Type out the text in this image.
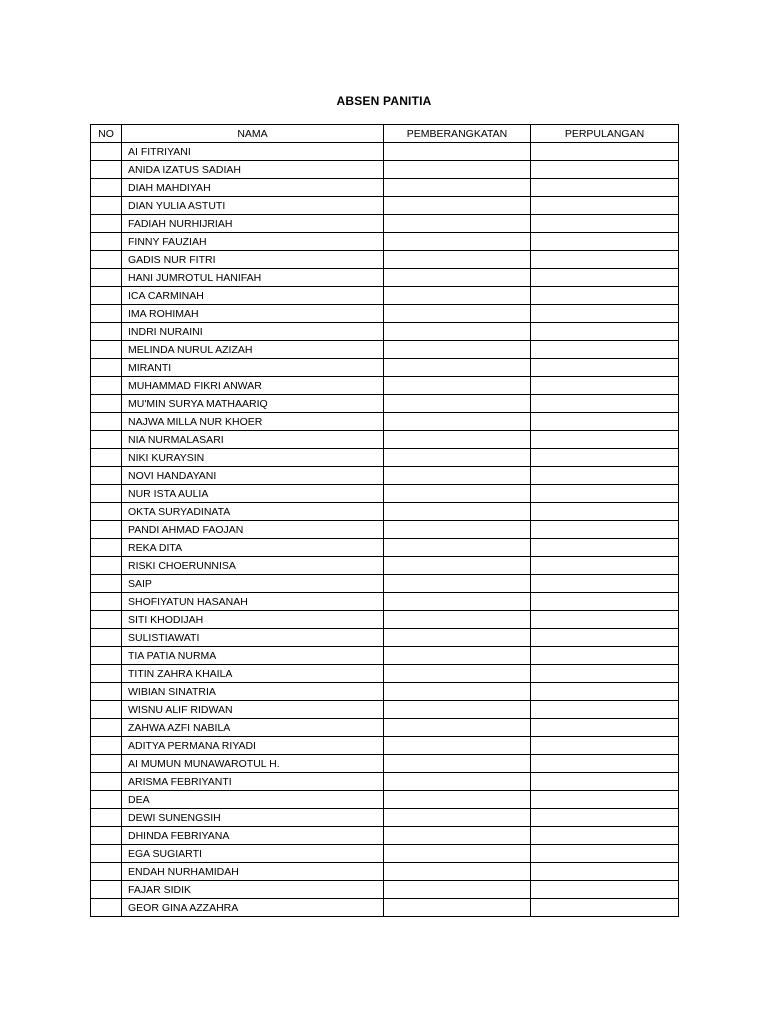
ABSEN PANITIA
NO	NAMA	PEMBERANGKATAN	PERPULANGAN
	AI FITRIYANI		
	ANIDA IZATUS SADIAH		
	DIAH MAHDIYAH		
	DIAN YULIA ASTUTI		
	FADIAH NURHIJRIAH		
	FINNY FAUZIAH		
	GADIS NUR FITRI		
	HANI JUMROTUL HANIFAH		
	ICA CARMINAH		
	IMA ROHIMAH		
	INDRI NURAINI		
	MELINDA NURUL AZIZAH		
	MIRANTI		
	MUHAMMAD FIKRI ANWAR		
	MU'MIN SURYA MATHAARIQ		
	NAJWA MILLA NUR KHOER		
	NIA NURMALASARI		
	NIKI KURAYSIN		
	NOVI HANDAYANI		
	NUR ISTA AULIA		
	OKTA SURYADINATA		
	PANDI AHMAD FAOJAN		
	REKA DITA		
	RISKI CHOERUNNISA		
	SAIP		
	SHOFIYATUN HASANAH		
	SITI KHODIJAH		
	SULISTIAWATI		
	TIA PATIA NURMA		
	TITIN ZAHRA KHAILA		
	WIBIAN SINATRIA		
	WISNU ALIF RIDWAN		
	ZAHWA AZFI NABILA		
	ADITYA PERMANA RIYADI		
	AI MUMUN MUNAWAROTUL H.		
	ARISMA FEBRIYANTI		
	DEA		
	DEWI SUNENGSIH		
	DHINDA FEBRIYANA		
	EGA SUGIARTI		
	ENDAH NURHAMIDAH		
	FAJAR SIDIK		
	GEOR GINA AZZAHRA		
